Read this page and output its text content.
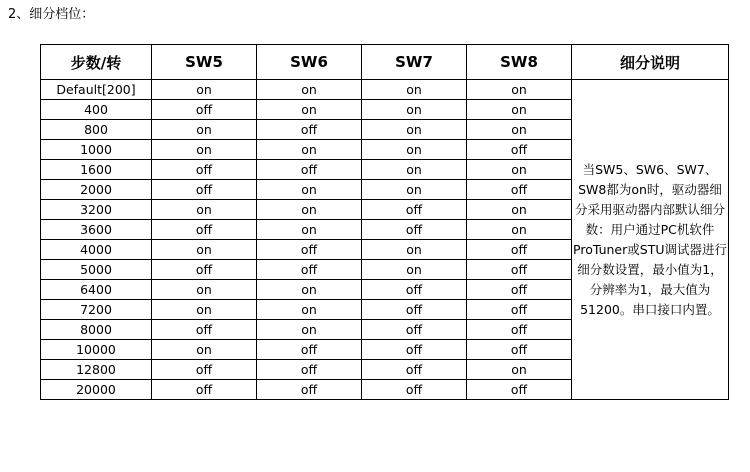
2、细分档位：
步数/转	SW5	SW6	SW7	SW8	细分说明
Default[200]	on	on	on	on	当SW5、SW6、SW7、SW8都为on时，驱动器细分采用驱动器内部默认细分数：用户通过PC机软件ProTuner或STU调试器进行细分数设置，最小值为1，分辨率为1，最大值为51200。串口接口内置。

400	off	on	on	on	
800	on	off	on	on	
1000	on	on	on	off	
1600	off	off	on	on	
2000	off	on	on	off	
3200	on	on	off	on	
3600	off	on	off	on	
4000	on	off	on	off	
5000	off	off	on	off	
6400	on	on	off	off	
7200	on	on	off	off	
8000	off	on	off	off	
10000	on	off	off	off	
12800	off	off	off	on	
20000	off	off	off	off	
